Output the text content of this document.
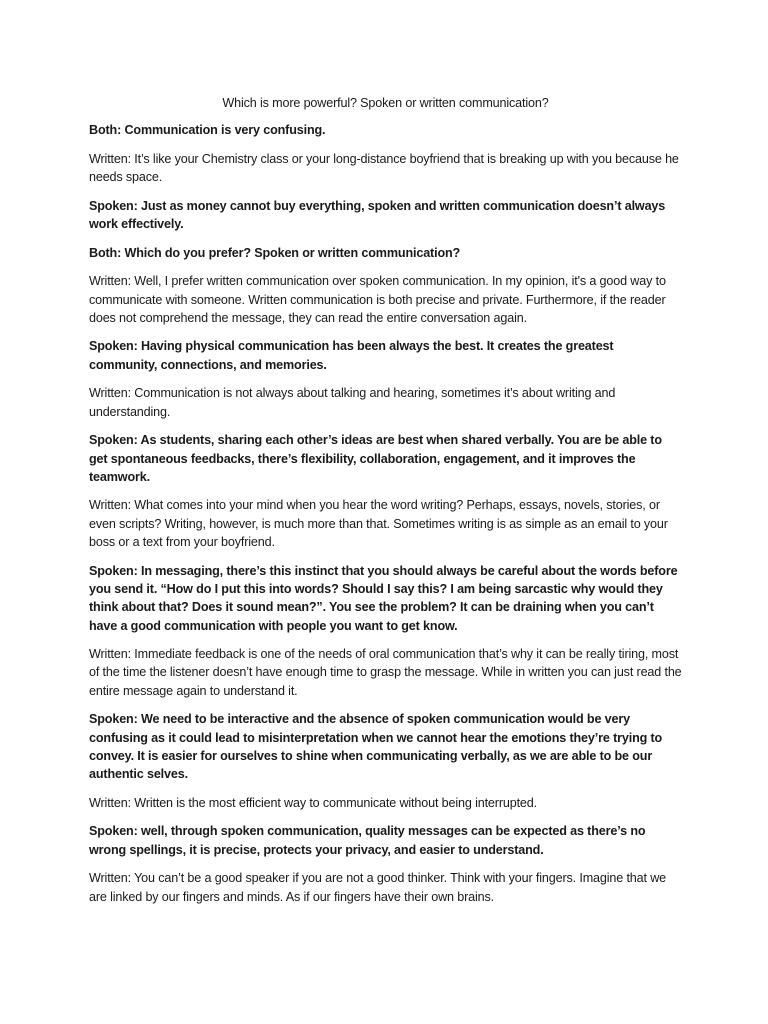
Which is more powerful? Spoken or written communication?

Both: Communication is very confusing.

Written: It’s like your Chemistry class or your long-distance boyfriend that is breaking up with you because he needs space.

Spoken: Just as money cannot buy everything, spoken and written communication doesn’t always work effectively.

Both: Which do you prefer? Spoken or written communication?

Written: Well, I prefer written communication over spoken communication. In my opinion, it's a good way to communicate with someone. Written communication is both precise and private. Furthermore, if the reader does not comprehend the message, they can read the entire conversation again.

Spoken: Having physical communication has been always the best. It creates the greatest community, connections, and memories.

Written: Communication is not always about talking and hearing, sometimes it’s about writing and understanding.

Spoken: As students, sharing each other’s ideas are best when shared verbally. You are be able to get spontaneous feedbacks, there’s flexibility, collaboration, engagement, and it improves the teamwork.

Written: What comes into your mind when you hear the word writing? Perhaps, essays, novels, stories, or even scripts? Writing, however, is much more than that. Sometimes writing is as simple as an email to your boss or a text from your boyfriend.

Spoken: In messaging, there’s this instinct that you should always be careful about the words before you send it. “How do I put this into words? Should I say this? I am being sarcastic why would they think about that? Does it sound mean?”. You see the problem? It can be draining when you can’t have a good communication with people you want to get know.

Written: Immediate feedback is one of the needs of oral communication that’s why it can be really tiring, most of the time the listener doesn’t have enough time to grasp the message. While in written you can just read the entire message again to understand it.

Spoken: We need to be interactive and the absence of spoken communication would be very confusing as it could lead to misinterpretation when we cannot hear the emotions they’re trying to convey. It is easier for ourselves to shine when communicating verbally, as we are able to be our authentic selves.

Written: Written is the most efficient way to communicate without being interrupted.

Spoken: well, through spoken communication, quality messages can be expected as there’s no wrong spellings, it is precise, protects your privacy, and easier to understand.

Written: You can’t be a good speaker if you are not a good thinker. Think with your fingers. Imagine that we are linked by our fingers and minds. As if our fingers have their own brains.
